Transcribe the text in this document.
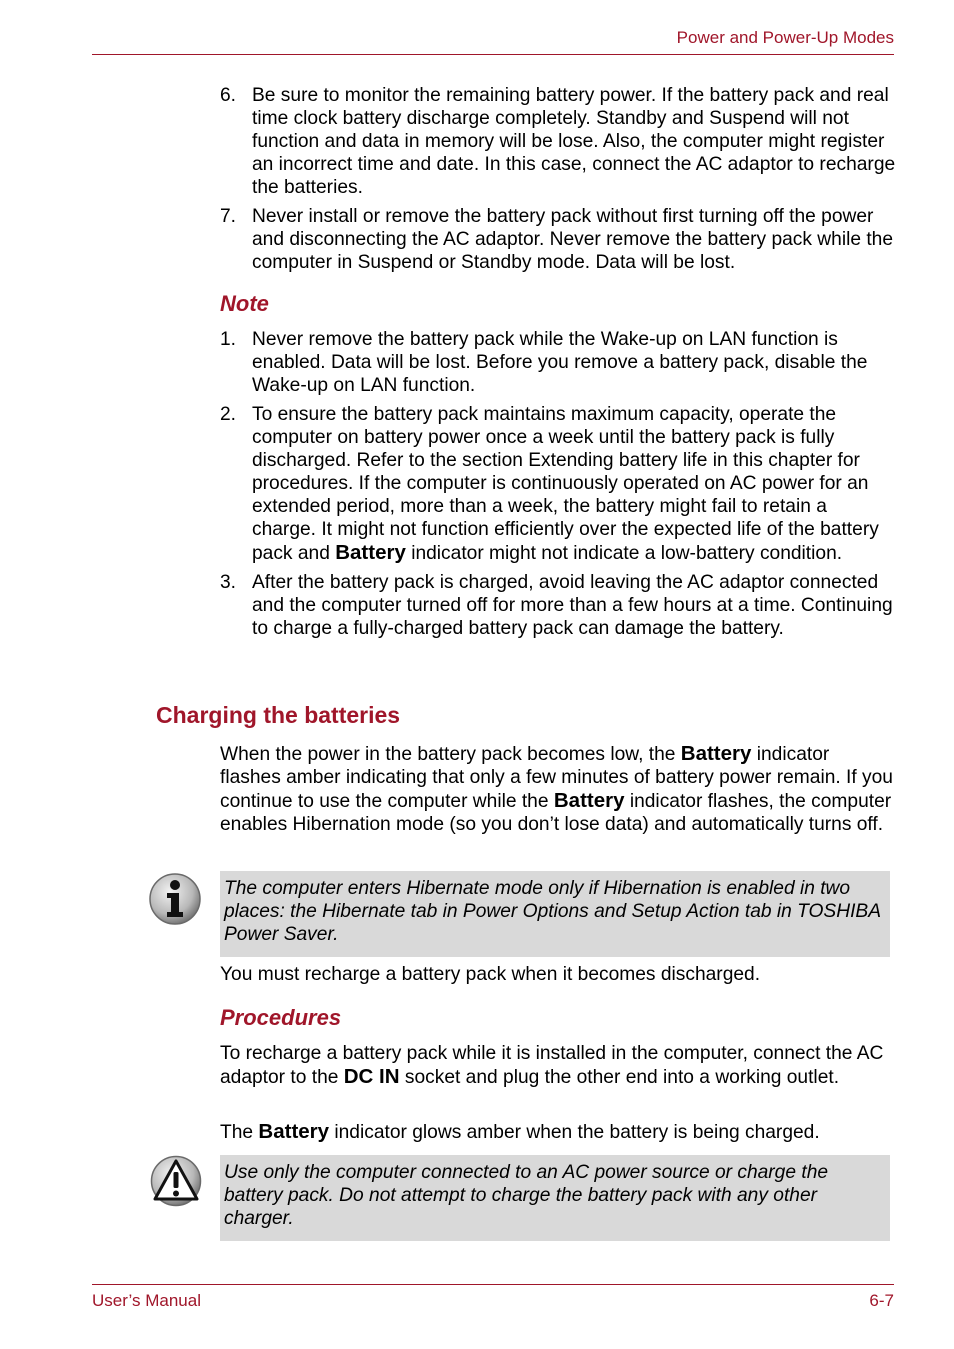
Power and Power-Up Modes
6. Be sure to monitor the remaining battery power. If the battery pack and real time clock battery discharge completely. Standby and Suspend will not function and data in memory will be lose. Also, the computer might register an incorrect time and date. In this case, connect the AC adaptor to recharge the batteries.
7. Never install or remove the battery pack without first turning off the power and disconnecting the AC adaptor. Never remove the battery pack while the computer in Suspend or Standby mode. Data will be lost.
Note
1. Never remove the battery pack while the Wake-up on LAN function is enabled. Data will be lost. Before you remove a battery pack, disable the Wake-up on LAN function.
2. To ensure the battery pack maintains maximum capacity, operate the computer on battery power once a week until the battery pack is fully discharged. Refer to the section Extending battery life in this chapter for procedures. If the computer is continuously operated on AC power for an extended period, more than a week, the battery might fail to retain a charge. It might not function efficiently over the expected life of the battery pack and Battery indicator might not indicate a low-battery condition.
3. After the battery pack is charged, avoid leaving the AC adaptor connected and the computer turned off for more than a few hours at a time. Continuing to charge a fully-charged battery pack can damage the battery.
Charging the batteries

When the power in the battery pack becomes low, the Battery indicator flashes amber indicating that only a few minutes of battery power remain. If you continue to use the computer while the Battery indicator flashes, the computer enables Hibernation mode (so you don’t lose data) and automatically turns off.

The computer enters Hibernate mode only if Hibernation is enabled in two places: the Hibernate tab in Power Options and Setup Action tab in TOSHIBA Power Saver.

You must recharge a battery pack when it becomes discharged.

Procedures

To recharge a battery pack while it is installed in the computer, connect the AC adaptor to the DC IN socket and plug the other end into a working outlet.

The Battery indicator glows amber when the battery is being charged.

Use only the computer connected to an AC power source or charge the battery pack. Do not attempt to charge the battery pack with any other charger.
User’s Manual	6-7
